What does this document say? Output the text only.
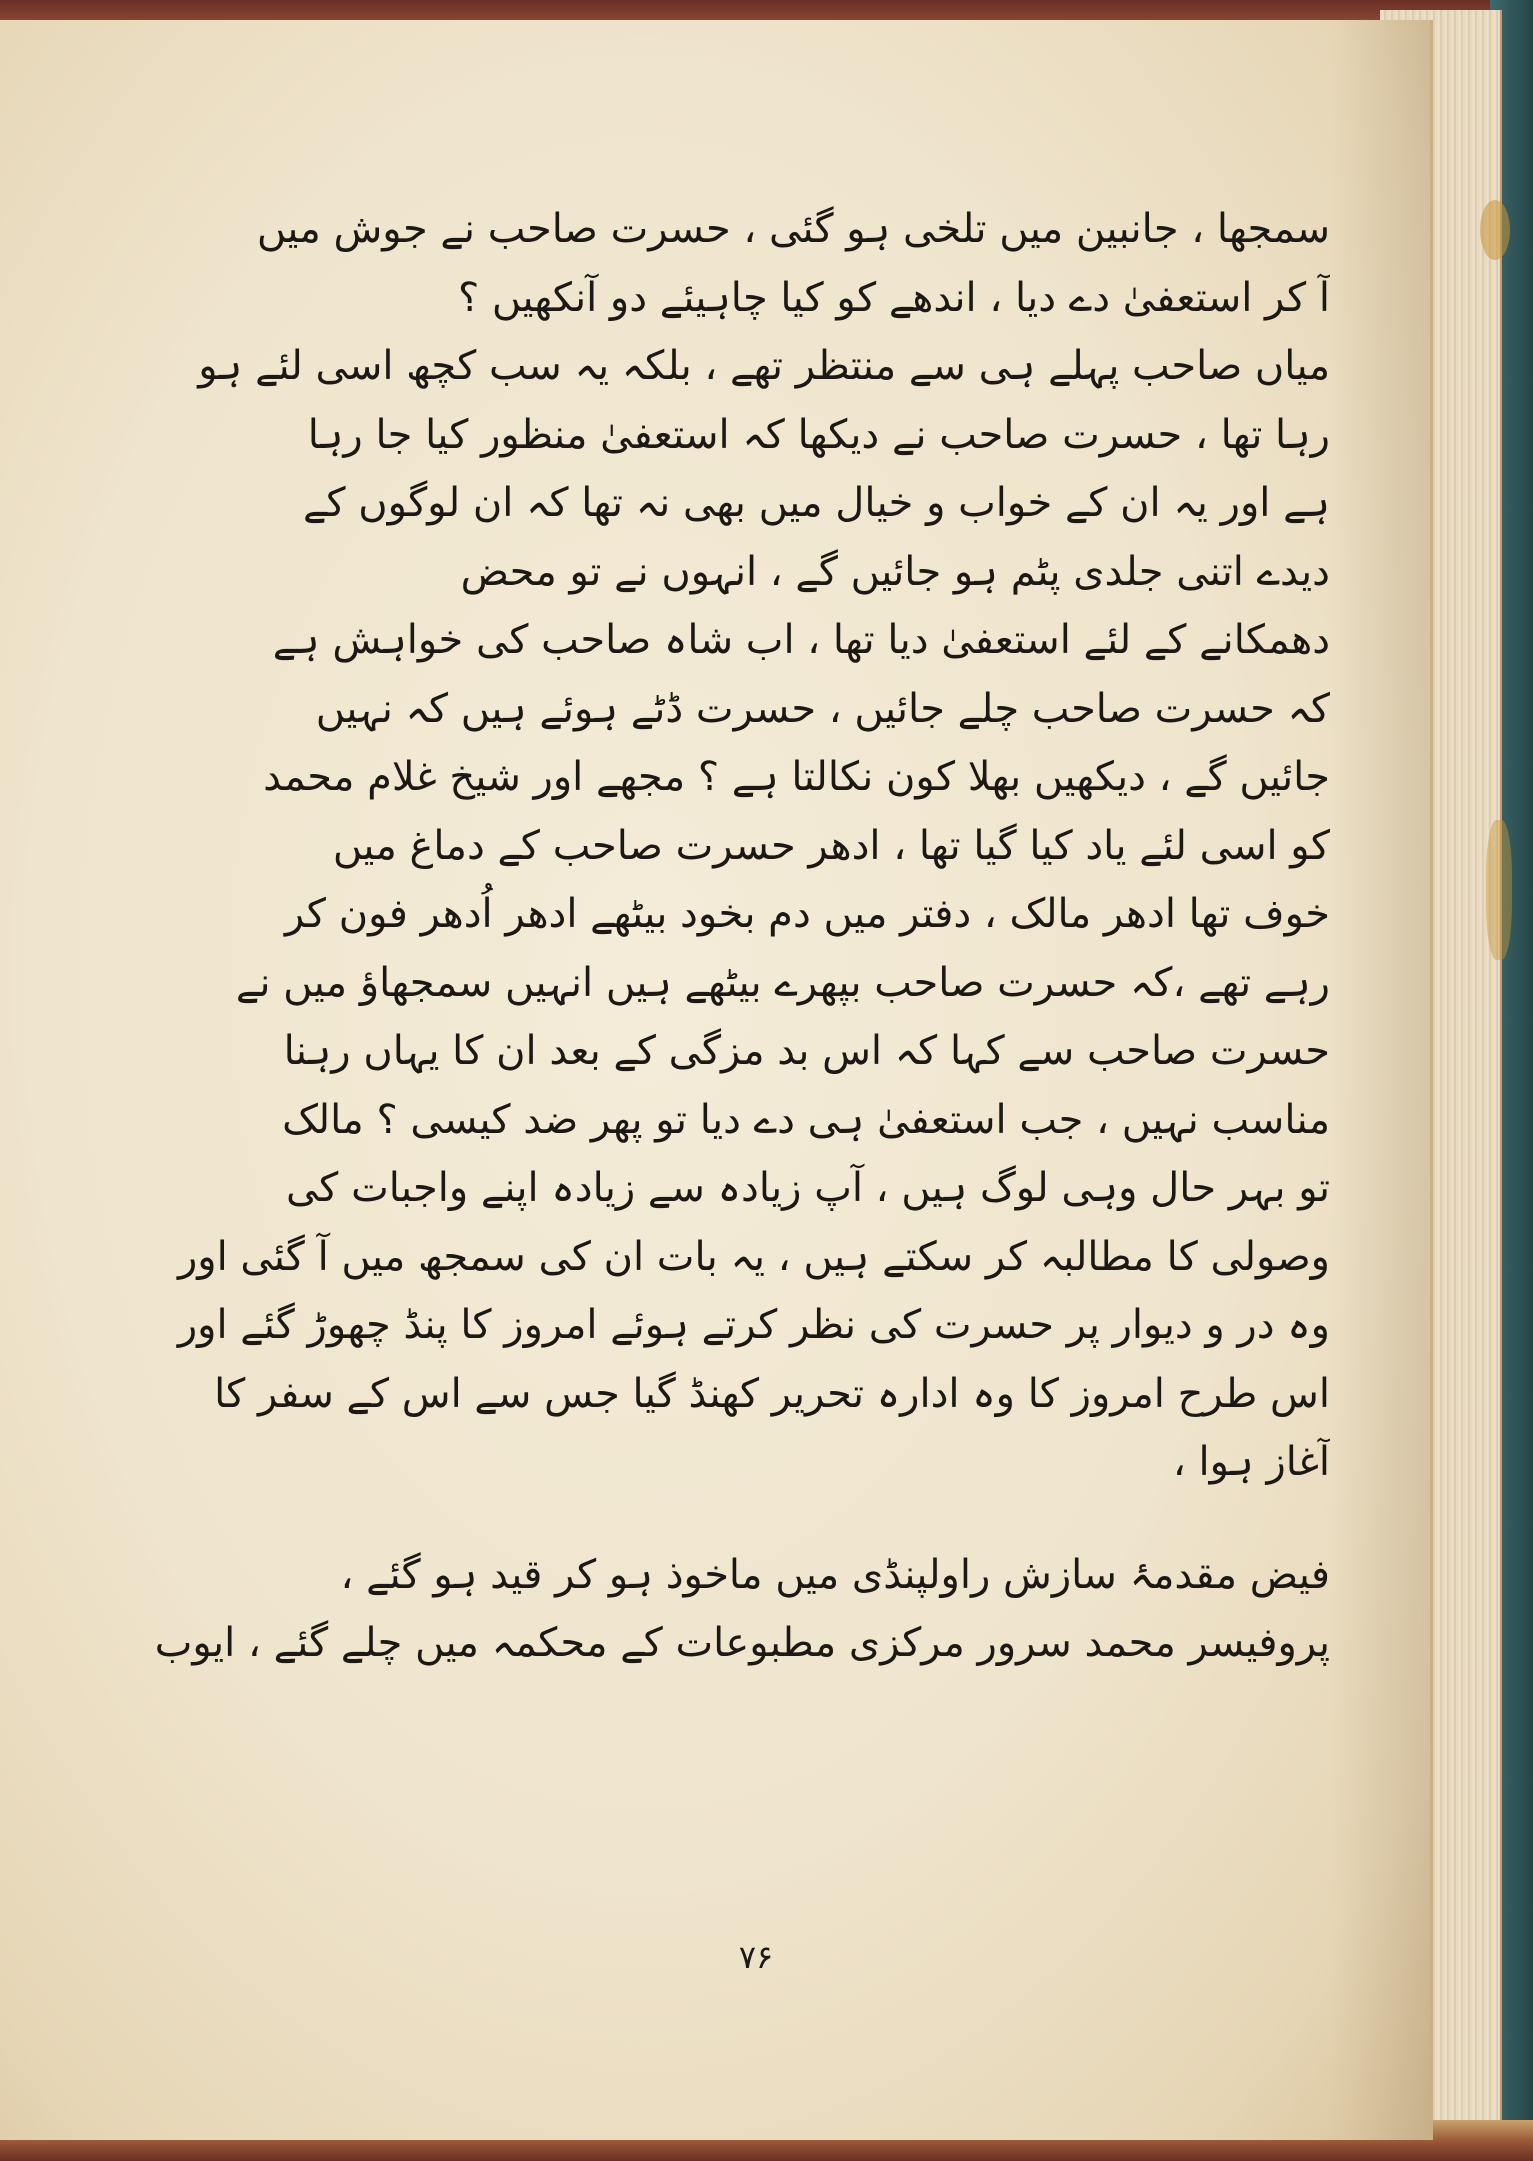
سمجھا ، جانبین میں تلخی ہو گئی ، حسرت صاحب نے جوش میں
آ کر استعفیٰ دے دیا ، اندھے کو کیا چاہیئے دو آنکھیں ؟
میاں صاحب پہلے ہی سے منتظر تھے ، بلکہ یہ سب کچھ اسی لئے ہو
رہا تھا ، حسرت صاحب نے دیکھا کہ استعفیٰ منظور کیا جا رہا
ہے اور یہ ان کے خواب و خیال میں بھی نہ تھا کہ ان لوگوں کے
دیدے اتنی جلدی پٹم ہو جائیں گے ، انہوں نے تو محض
دھمکانے کے لئے استعفیٰ دیا تھا ، اب شاہ صاحب کی خواہش ہے
کہ حسرت صاحب چلے جائیں ، حسرت ڈٹے ہوئے ہیں کہ نہیں
جائیں گے ، دیکھیں بھلا کون نکالتا ہے ؟ مجھے اور شیخ غلام محمد
کو اسی لئے یاد کیا گیا تھا ، ادھر حسرت صاحب کے دماغ میں
خوف تھا ادھر مالک ، دفتر میں دم بخود بیٹھے ادھر اُدھر فون کر
رہے تھے ،کہ حسرت صاحب بپھرے بیٹھے ہیں انہیں سمجھاؤ میں نے
حسرت صاحب سے کہا کہ اس بد مزگی کے بعد ان کا یہاں رہنا
مناسب نہیں ، جب استعفیٰ ہی دے دیا تو پھر ضد کیسی ؟ مالک
تو بہر حال وہی لوگ ہیں ، آپ زیادہ سے زیادہ اپنے واجبات کی
وصولی کا مطالبہ کر سکتے ہیں ، یہ بات ان کی سمجھ میں آ گئی اور
وہ در و دیوار پر حسرت کی نظر کرتے ہوئے امروز کا پنڈ چھوڑ گئے اور
اس طرح امروز کا وہ ادارہ تحریر کھنڈ گیا جس سے اس کے سفر کا
آغاز ہوا ،
فیض مقدمۂ سازش راولپنڈی میں ماخوذ ہو کر قید ہو گئے ،
پروفیسر محمد سرور مرکزی مطبوعات کے محکمہ میں چلے گئے ، ایوب
۷۶
